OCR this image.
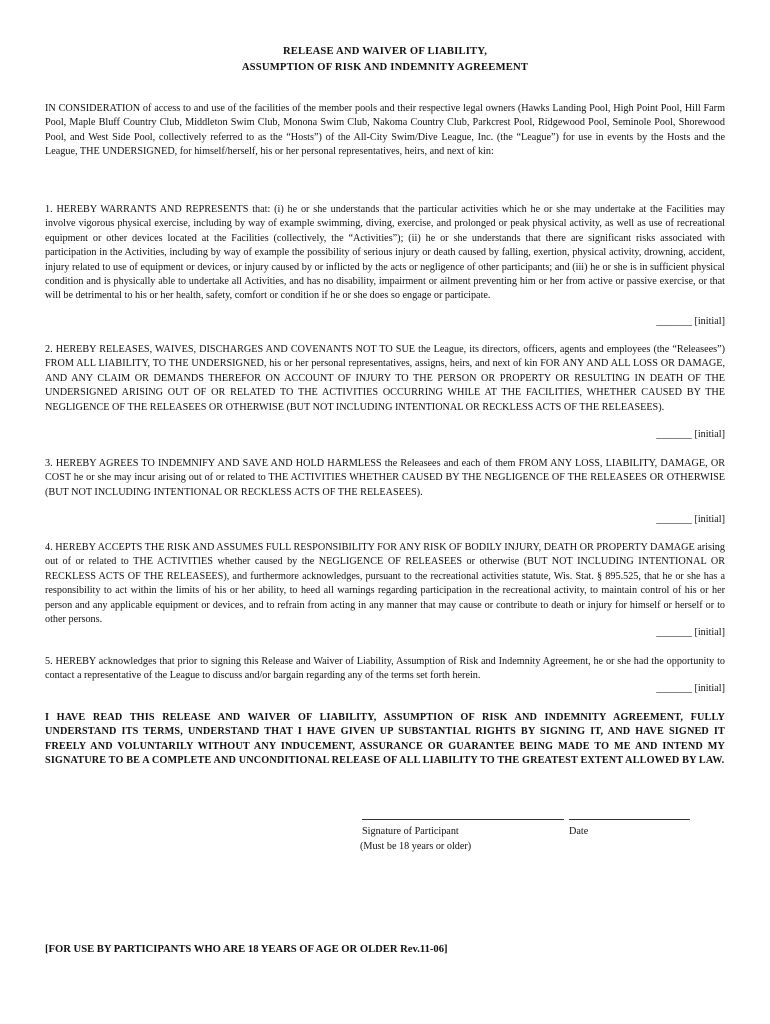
RELEASE AND WAIVER OF LIABILITY,
ASSUMPTION OF RISK AND INDEMNITY AGREEMENT

IN CONSIDERATION of access to and use of the facilities of the member pools and their respective legal owners (Hawks Landing Pool, High Point Pool, Hill Farm Pool, Maple Bluff Country Club, Middleton Swim Club, Monona Swim Club, Nakoma Country Club, Parkcrest Pool, Ridgewood Pool, Seminole Pool, Shorewood Pool, and West Side Pool, collectively referred to as the “Hosts”) of the All-City Swim/Dive League, Inc. (the “League”) for use in events by the Hosts and the League, THE UNDERSIGNED, for himself/herself, his or her personal representatives, heirs, and next of kin:

1. HEREBY WARRANTS AND REPRESENTS that: (i) he or she understands that the particular activities which he or she may undertake at the Facilities may involve vigorous physical exercise, including by way of example swimming, diving, exercise, and prolonged or peak physical activity, as well as use of recreational equipment or other devices located at the Facilities (collectively, the “Activities”); (ii) he or she understands that there are significant risks associated with participation in the Activities, including by way of example the possibility of serious injury or death caused by falling, exertion, physical activity, drowning, accident, injury related to use of equipment or devices, or injury caused by or inflicted by the acts or negligence of other participants; and (iii) he or she is in sufficient physical condition and is physically able to undertake all Activities, and has no disability, impairment or ailment preventing him or her from active or passive exercise, or that will be detrimental to his or her health, safety, comfort or condition if he or she does so engage or participate.

_______ [initial]

2. HEREBY RELEASES, WAIVES, DISCHARGES AND COVENANTS NOT TO SUE the League, its directors, officers, agents and employees (the “Releasees”) FROM ALL LIABILITY, TO THE UNDERSIGNED, his or her personal representatives, assigns, heirs, and next of kin FOR ANY AND ALL LOSS OR DAMAGE, AND ANY CLAIM OR DEMANDS THEREFOR ON ACCOUNT OF INJURY TO THE PERSON OR PROPERTY OR RESULTING IN DEATH OF THE UNDERSIGNED ARISING OUT OF OR RELATED TO THE ACTIVITIES OCCURRING WHILE AT THE FACILITIES, WHETHER CAUSED BY THE NEGLIGENCE OF THE RELEASEES OR OTHERWISE (BUT NOT INCLUDING INTENTIONAL OR RECKLESS ACTS OF THE RELEASEES).

_______ [initial]

3. HEREBY AGREES TO INDEMNIFY AND SAVE AND HOLD HARMLESS the Releasees and each of them FROM ANY LOSS, LIABILITY, DAMAGE, OR COST he or she may incur arising out of or related to THE ACTIVITIES WHETHER CAUSED BY THE NEGLIGENCE OF THE RELEASEES OR OTHERWISE (BUT NOT INCLUDING INTENTIONAL OR RECKLESS ACTS OF THE RELEASEES).

_______ [initial]

4. HEREBY ACCEPTS THE RISK AND ASSUMES FULL RESPONSIBILITY FOR ANY RISK OF BODILY INJURY, DEATH OR PROPERTY DAMAGE arising out of or related to THE ACTIVITIES whether caused by the NEGLIGENCE OF RELEASEES or otherwise (BUT NOT INCLUDING INTENTIONAL OR RECKLESS ACTS OF THE RELEASEES), and furthermore acknowledges, pursuant to the recreational activities statute, Wis. Stat. § 895.525, that he or she has a responsibility to act within the limits of his or her ability, to heed all warnings regarding participation in the recreational activity, to maintain control of his or her person and any applicable equipment or devices, and to refrain from acting in any manner that may cause or contribute to death or injury for himself or herself or to other persons.

_______ [initial]

5. HEREBY acknowledges that prior to signing this Release and Waiver of Liability, Assumption of Risk and Indemnity Agreement, he or she had the opportunity to contact a representative of the League to discuss and/or bargain regarding any of the terms set forth herein.

_______ [initial]

I HAVE READ THIS RELEASE AND WAIVER OF LIABILITY, ASSUMPTION OF RISK AND INDEMNITY AGREEMENT, FULLY UNDERSTAND ITS TERMS, UNDERSTAND THAT I HAVE GIVEN UP SUBSTANTIAL RIGHTS BY SIGNING IT, AND HAVE SIGNED IT FREELY AND VOLUNTARILY WITHOUT ANY INDUCEMENT, ASSURANCE OR GUARANTEE BEING MADE TO ME AND INTEND MY SIGNATURE TO BE A COMPLETE AND UNCONDITIONAL RELEASE OF ALL LIABILITY TO THE GREATEST EXTENT ALLOWED BY LAW.

Signature of Participant
(Must be 18 years or older)
Date
[FOR USE BY PARTICIPANTS WHO ARE 18 YEARS OF AGE OR OLDER Rev.11-06]
